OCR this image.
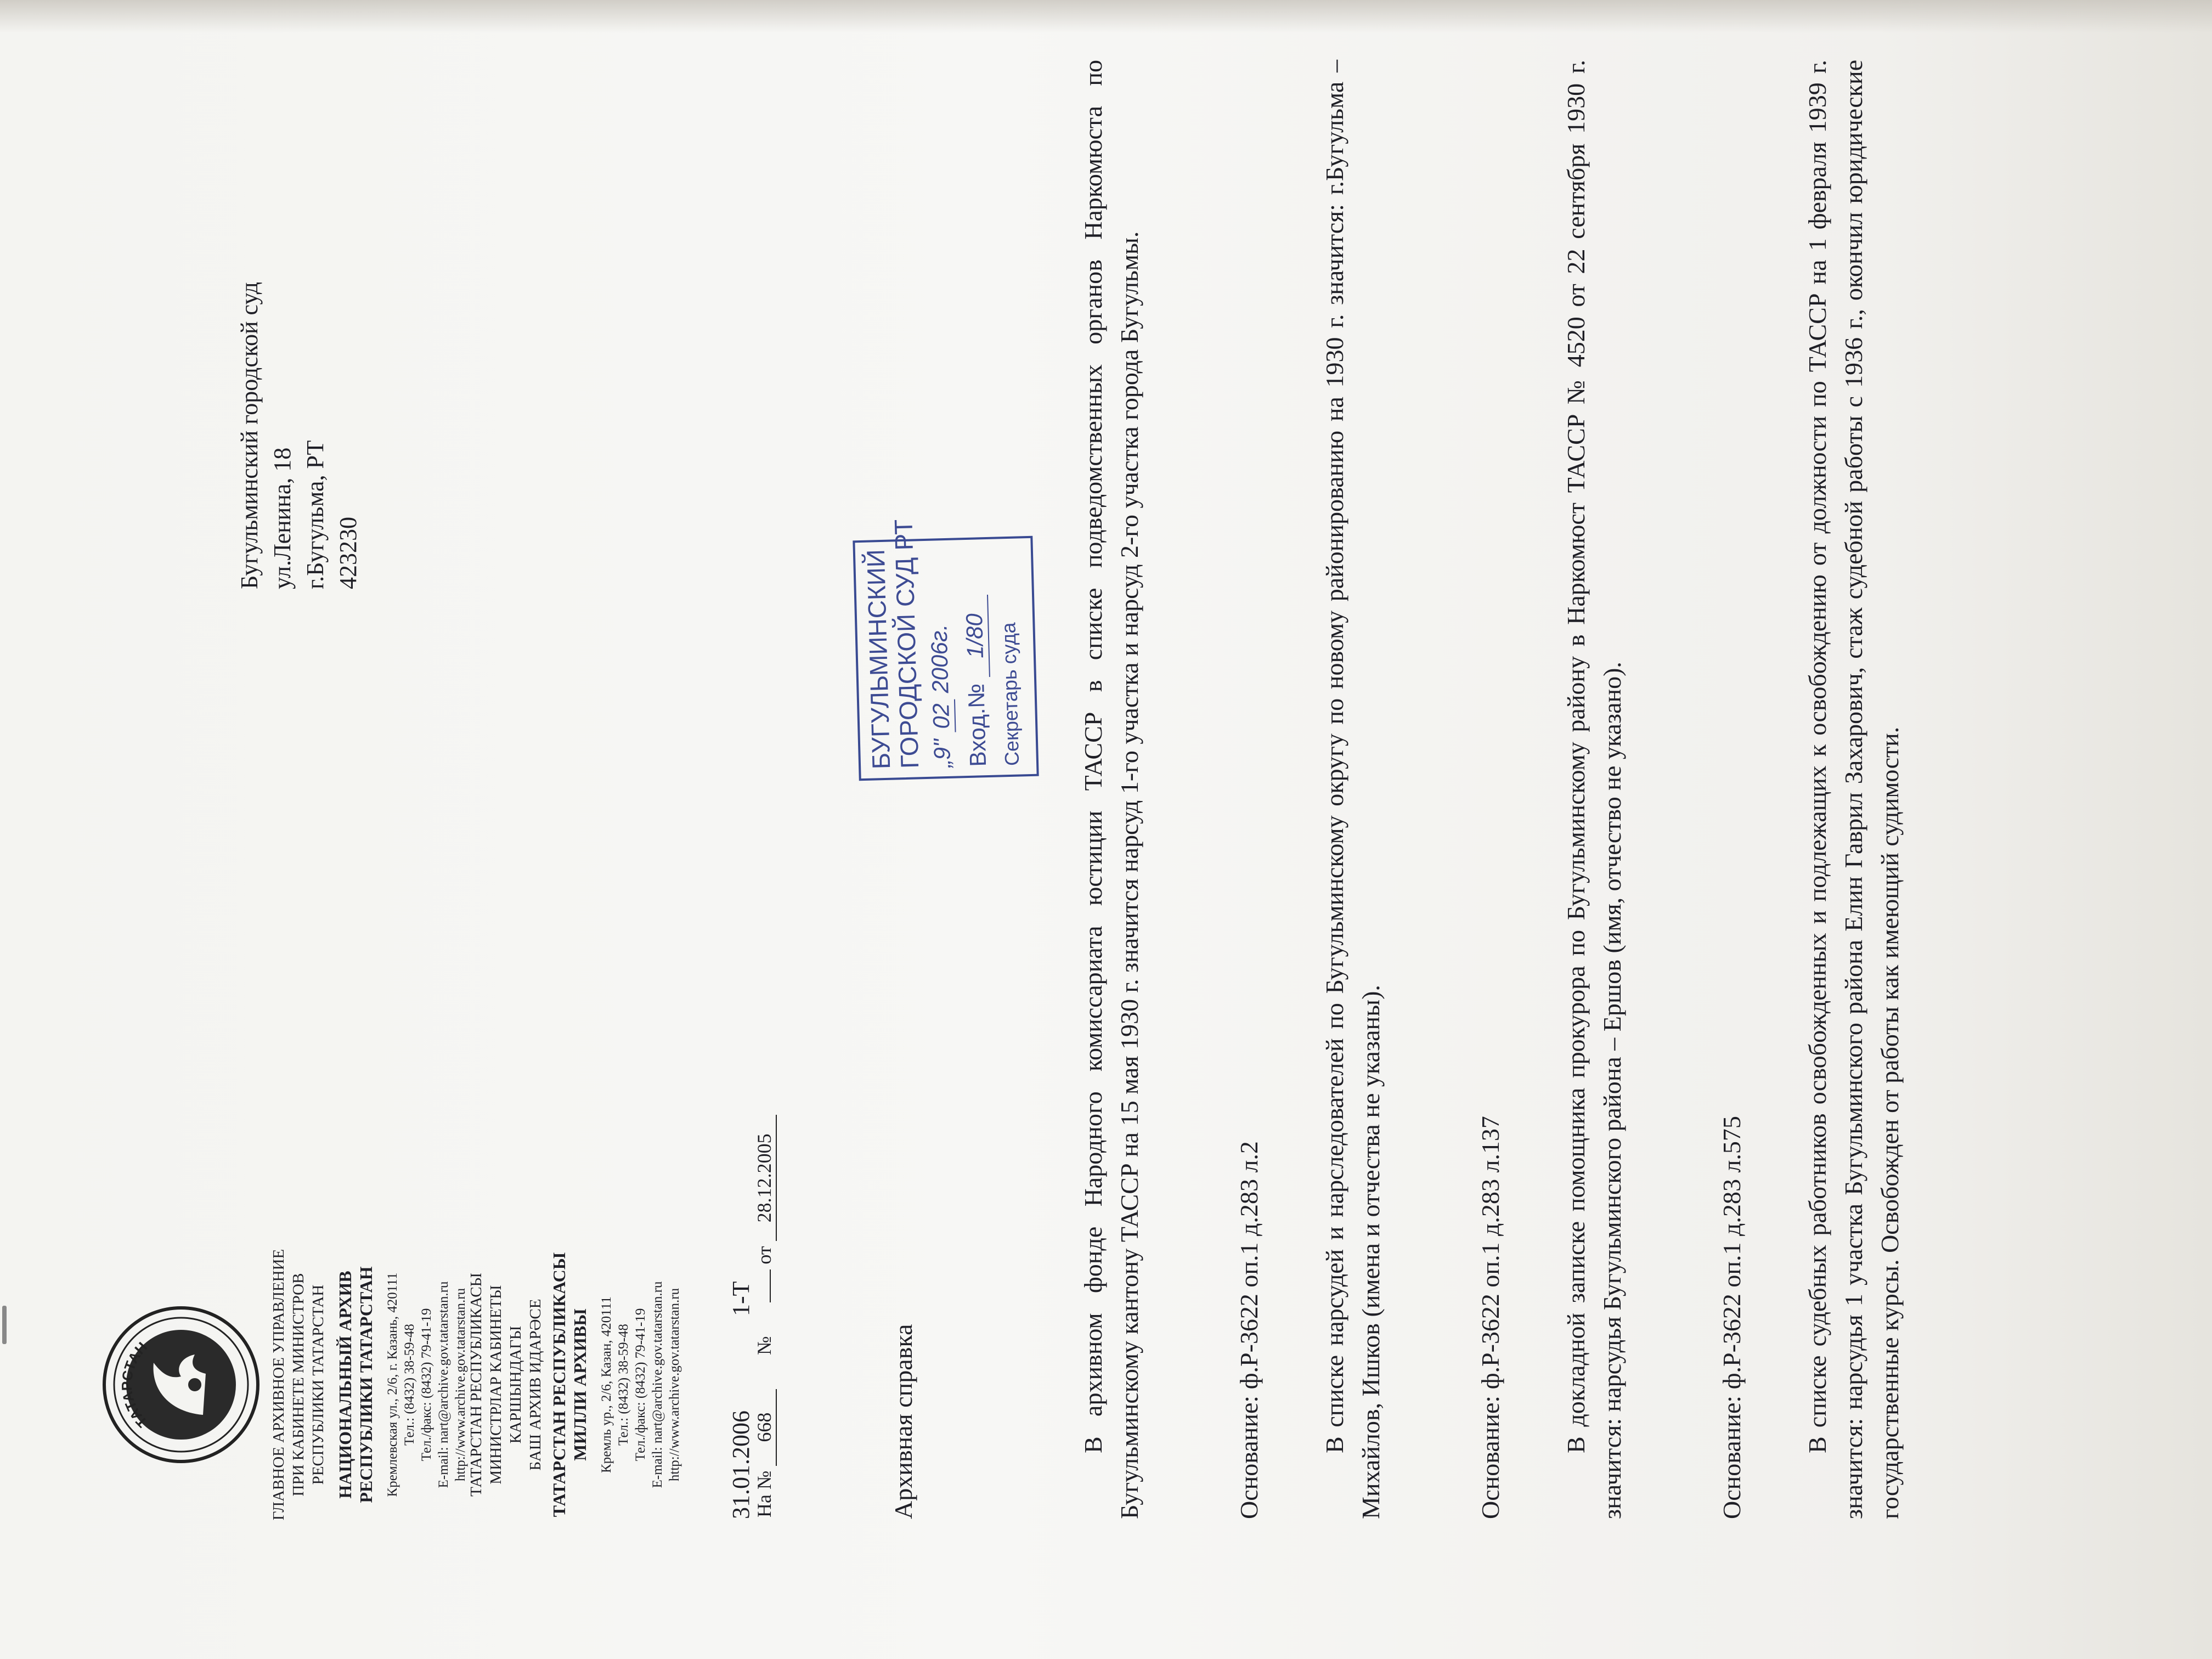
ТАТАРСТАН	ГЛАВНОЕ АРХИВНОЕ УПРАВЛЕНИЕ ПРИ КАБИНЕТЕ МИНИСТРОВ РЕСПУБЛИКИ ТАТАРСТАН НАЦИОНАЛЬНЫЙ АРХИВ РЕСПУБЛИКИ ТАТАРСТАН Кремлевская ул., 2/6, г. Казань, 420111 Тел.: (8432) 38-59-48 Тел./факс: (8432) 79-41-19 E-mail: nart@archive.gov.tatarstan.ru http://www.archive.gov.tatarstan.ru ТАТАРСТАН РЕСПУБЛИКАСЫ МИНИСТРЛАР КАБИНЕТЫ КАРШЫНДАГЫ БАШ АРХИВ ИДАРӘСЕ ТАТАРСТАН РЕСПУБЛИКАСЫ МИЛЛИ АРХИВЫ Кремль ур., 2/6, Казан, 420111 Тел.: (8432) 38-59-48 Тел./факс: (8432) 79-41-19 E-mail: nart@archive.gov.tatarstan.ru http://www.archive.gov.tatarstan.ru 31.01.2006  1-Т
На № 668 №  от 28.12.2005
Бугульминский городской суд ул.Ленина, 18 г.Бугульма, РТ 423230	БУГУЛЬМИНСКИЙ
ГОРОДСКОЙ СУД РТ „9" 02 2006г.
Вход.№ 1/80 Секретарь суда
Архивная справка	В архивном фонде Народного комиссариата юстиции ТАССР в списке подведомственных органов Наркомюста по Бугульминскому кантону ТАССР на 15 мая 1930 г. значится нарсуд 1-го участка и нарсуд 2-го участка города Бугульмы.	Основание: ф.Р-3622 оп.1 д.283 л.2 В списке нарсудей и нарследователей по Бугульминскому округу по новому районированию на 1930 г. значится: г.Бугульма – Михайлов, Ишков (имена и отчества не указаны).	Основание: ф.Р-3622 оп.1 д.283 л.137 В докладной записке помощника прокурора по Бугульминскому району в Наркомюст ТАССР № 4520 от 22 сентября 1930 г. значится: нарсудья Бугульминского района – Ершов (имя, отчество не указано).	Основание: ф.Р-3622 оп.1 д.283 л.575 В списке судебных работников освобожденных и подлежащих к освобождению от должности по ТАССР на 1 февраля 1939 г. значится: нарсудья 1 участка Бугульминского района Елин Гаврил Захарович, стаж судебной работы с 1936 г., окончил юридические государственные курсы. Освобожден от работы как имеющий судимости.
